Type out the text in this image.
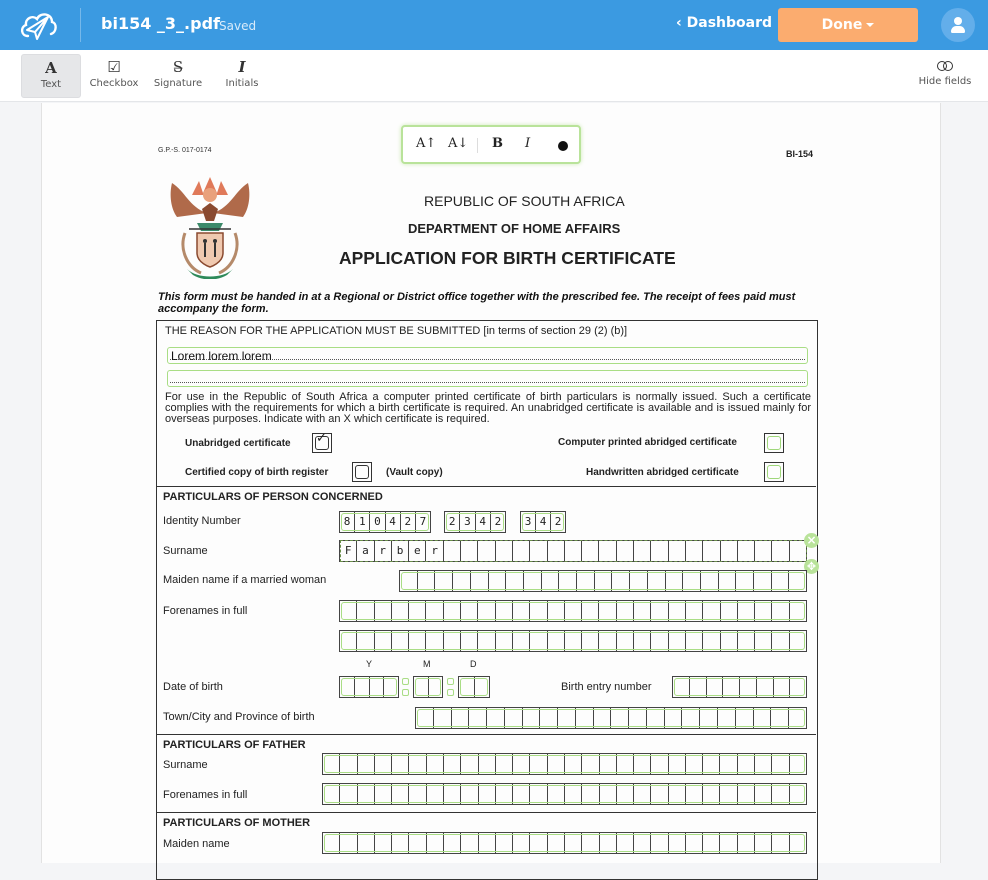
bi154 _3_.pdf Saved	‹ Dashboard	Done
A
Text
☑
Checkbox
S̶
Signature
I
Initials	Hide fields
G.P.-S. 017-0174	BI-154
A↑ A↓ B I
REPUBLIC OF SOUTH AFRICA
DEPARTMENT OF HOME AFFAIRS
APPLICATION FOR BIRTH CERTIFICATE
This form must be handed in at a Regional or District office together with the prescribed fee. The receipt of fees paid must accompany the form.
THE REASON FOR THE APPLICATION MUST BE SUBMITTED [in terms of section 29 (2) (b)]
Lorem lorem lorem
For use in the Republic of South Africa a computer printed certificate of birth particulars is normally issued. Such a certificate complies with the requirements for which a birth certificate is required. An unabridged certificate is available and is issued mainly for overseas purposes. Indicate with an X which certificate is required.
Unabridged certificate ✓	Computer printed abridged certificate
Certified copy of birth register	(Vault copy)	Handwritten abridged certificate
PARTICULARS OF PERSON CONCERNED
Identity Number	8 1 0 4 2 7	2 3 4 2	3 4 2
Surname	F a r b e r
×
✥
Maiden name if a married woman
Forenames in full
Y	M	D
Date of birth	Birth entry number
Town/City and Province of birth
PARTICULARS OF FATHER
Surname
Forenames in full
PARTICULARS OF MOTHER
Maiden name
